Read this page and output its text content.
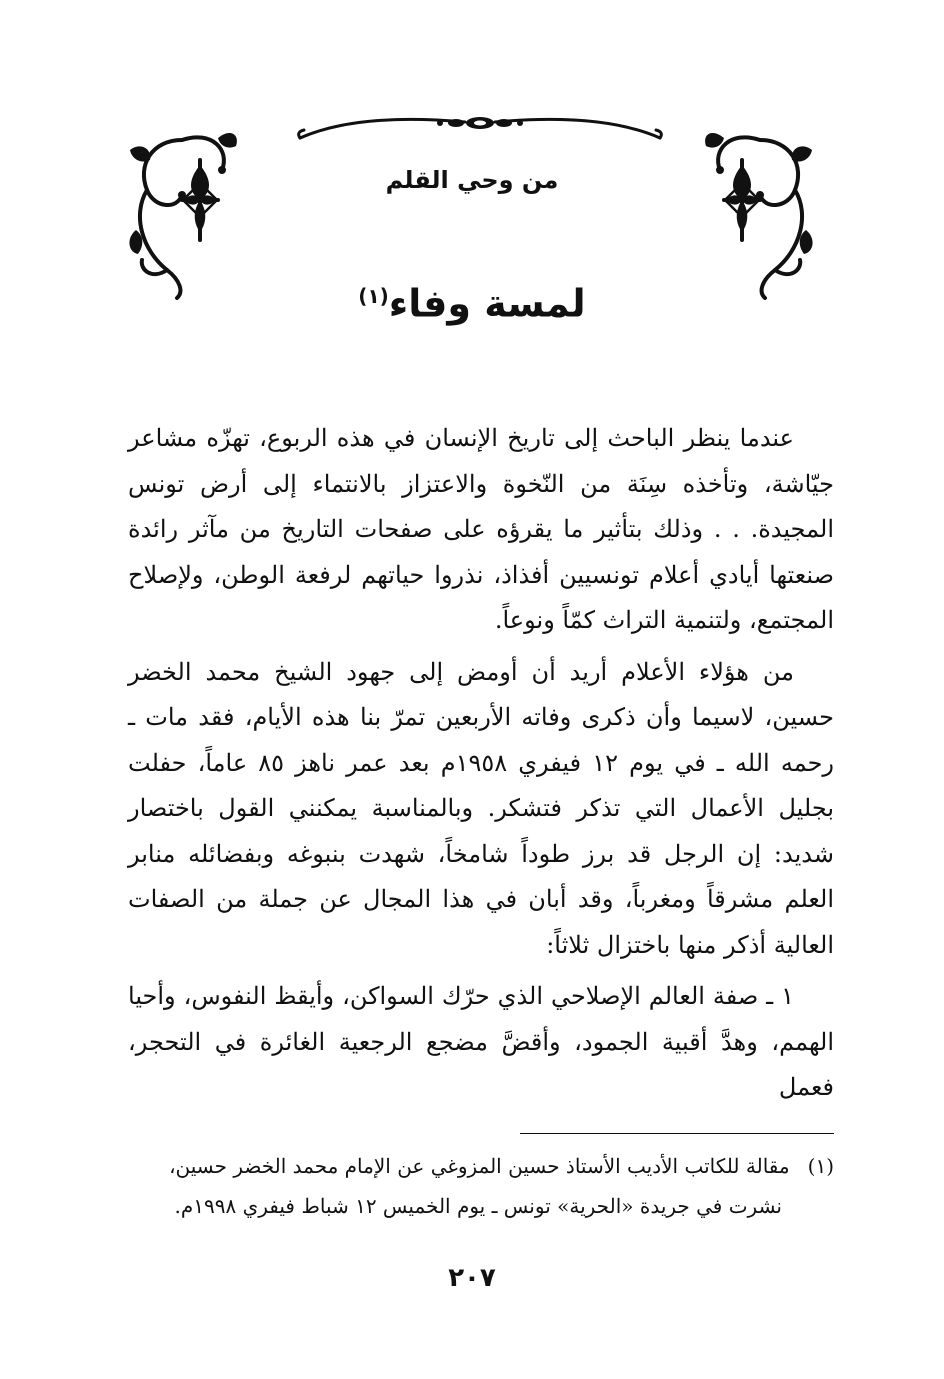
من وحي القلم
لمسة وفاء$^{(١)}$

عندما ينظر الباحث إلى تاريخ الإنسان في هذه الربوع، تهزّه مشاعر جيّاشة، وتأخذه سِنَة من النّخوة والاعتزاز بالانتماء إلى أرض تونس المجيدة. . . وذلك بتأثير ما يقرؤه على صفحات التاريخ من مآثر رائدة صنعتها أيادي أعلام تونسيين أفذاذ، نذروا حياتهم لرفعة الوطن، ولإصلاح المجتمع، ولتنمية التراث كمّاً ونوعاً.

من هؤلاء الأعلام أريد أن أومض إلى جهود الشيخ محمد الخضر حسين، لاسيما وأن ذكرى وفاته الأربعين تمرّ بنا هذه الأيام، فقد مات ـ رحمه الله ـ في يوم ١٢ فيفري ١٩٥٨م بعد عمر ناهز ٨٥ عاماً، حفلت بجليل الأعمال التي تذكر فتشكر. وبالمناسبة يمكنني القول باختصار شديد: إن الرجل قد برز طوداً شامخاً، شهدت بنبوغه وبفضائله منابر العلم مشرقاً ومغرباً، وقد أبان في هذا المجال عن جملة من الصفات العالية أذكر منها باختزال ثلاثاً:

١ ـ صفة العالم الإصلاحي الذي حرّك السواكن، وأيقظ النفوس، وأحيا الهمم، وهدَّ أقبية الجمود، وأقضَّ مضجع الرجعية الغائرة في التحجر، فعمل

(١)مقالة للكاتب الأديب الأستاذ حسين المزوغي عن الإمام محمد الخضر حسين،
نشرت في جريدة «الحرية» تونس ـ يوم الخميس ١٢ شباط فيفري ١٩٩٨م.
٢٠٧
